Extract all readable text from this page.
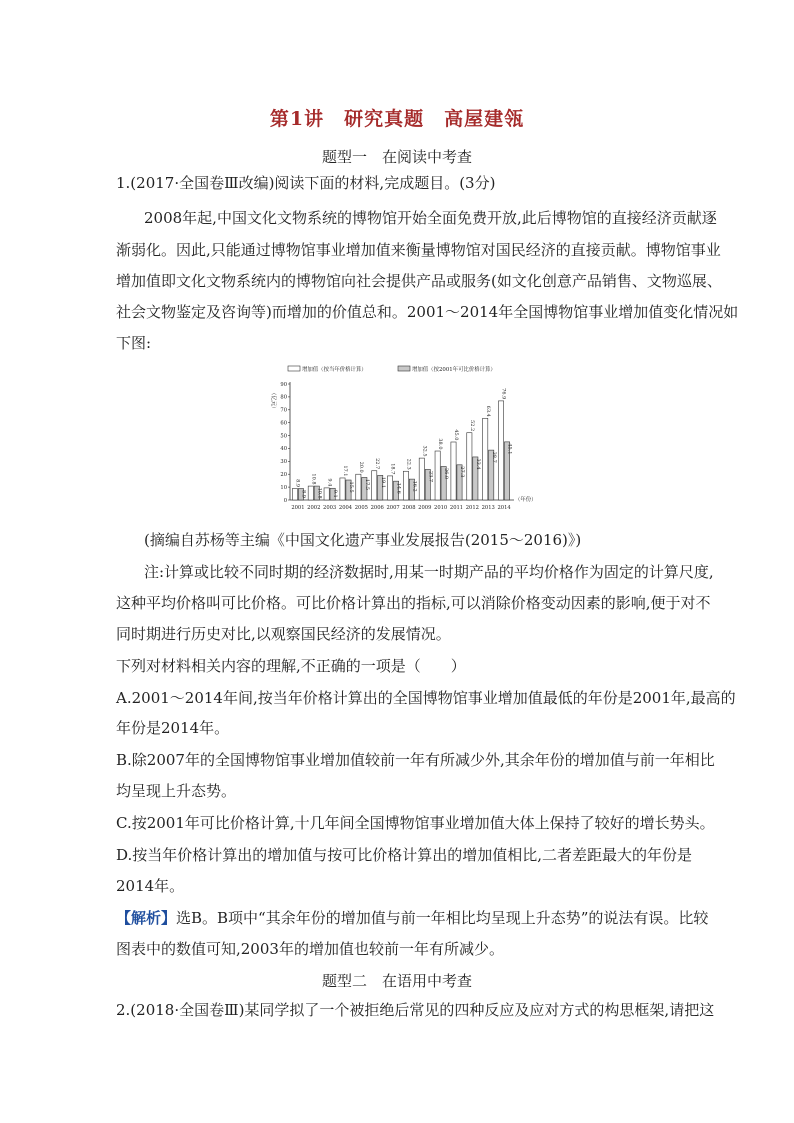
第1讲　研究真题　高屋建瓴
题型一　在阅读中考查
1.(2017·全国卷Ⅲ改编)阅读下面的材料,完成题目。(3分)
2008年起,中国文化文物系统的博物馆开始全面免费开放,此后博物馆的直接经济贡献逐
渐弱化。因此,只能通过博物馆事业增加值来衡量博物馆对国民经济的直接贡献。博物馆事业
增加值即文化文物系统内的博物馆向社会提供产品或服务(如文化创意产品销售、文物巡展、
社会文物鉴定及咨询等)而增加的价值总和。2001～2014年全国博物馆事业增加值变化情况如
下图:
增加值（按当年价格计算）	增加值（按2001年可比价格计算）
0
10
20
30
40
50
60
70
80
90
（亿元）
（年份）
8.9
8.9
2001
10.8
10.8
2002
9.4
9.1
2003
17.1
15.5
2004
20.0
17.5
2005
22.7
19.1
2006
18.7
14.6
2007
22.3
16.2
2008
32.5
23.7
2009
38.0
26.0
2010
45.0
27.3
2011
52.2
33.4
2012
63.4
38.7
2013
76.9
45.1
2014
(摘编自苏杨等主编《中国文化遗产事业发展报告(2015～2016)》)
注:计算或比较不同时期的经济数据时,用某一时期产品的平均价格作为固定的计算尺度,
这种平均价格叫可比价格。可比价格计算出的指标,可以消除价格变动因素的影响,便于对不
同时期进行历史对比,以观察国民经济的发展情况。
下列对材料相关内容的理解,不正确的一项是（　　）
A.2001～2014年间,按当年价格计算出的全国博物馆事业增加值最低的年份是2001年,最高的
年份是2014年。
B.除2007年的全国博物馆事业增加值较前一年有所减少外,其余年份的增加值与前一年相比
均呈现上升态势。
C.按2001年可比价格计算,十几年间全国博物馆事业增加值大体上保持了较好的增长势头。
D.按当年价格计算出的增加值与按可比价格计算出的增加值相比,二者差距最大的年份是
2014年。
【解析】选B。B项中“其余年份的增加值与前一年相比均呈现上升态势”的说法有误。比较
图表中的数值可知,2003年的增加值也较前一年有所减少。
题型二　在语用中考查
2.(2018·全国卷Ⅲ)某同学拟了一个被拒绝后常见的四种反应及应对方式的构思框架,请把这
